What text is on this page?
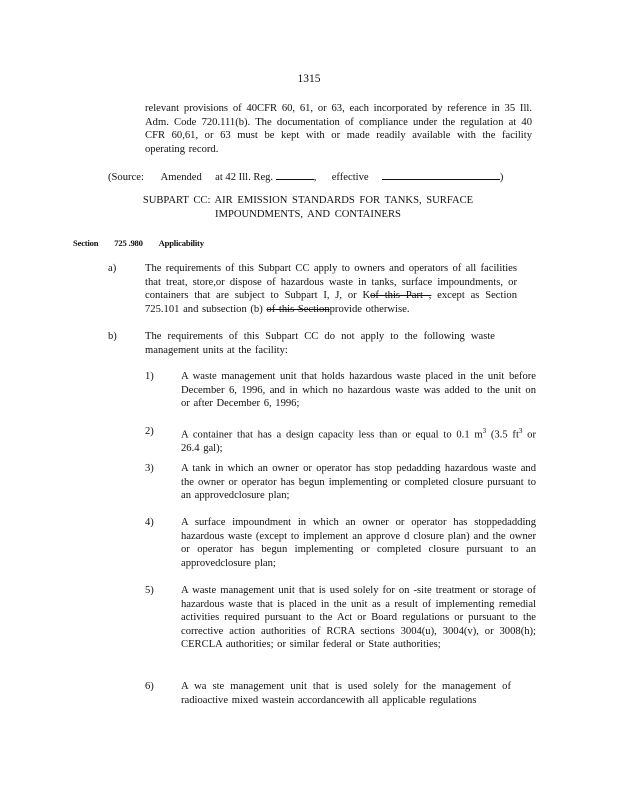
1315
relevant provisions of 40CFR 60, 61, or 63, each incorporated by reference in 35 Ill. Adm. Code 720.111(b). The documentation of compliance under the regulation at 40 CFR 60,61, or 63 must be kept with or made readily available with the facility operating record.
(Source: Amended at 42 Ill. Reg.	, effective	)
SUBPART CC: AIR EMISSION STANDARDS FOR TANKS, SURFACE
IMPOUNDMENTS, AND CONTAINERS
Section 725 .980 Applicability
a)	The requirements of this Subpart CC apply to owners and operators of all facilities that treat, store,or dispose of hazardous waste in tanks, surface impoundments, or containers that are subject to Subpart I, J, or Kof this Part , except as Section 725.101 and subsection (b) of this Sectionprovide otherwise.
b)	The requirements of this Subpart CC do not apply to the following waste management units at the facility:
1)	A waste management unit that holds hazardous waste placed in the unit before December 6, 1996, and in which no hazardous waste was added to the unit on or after December 6, 1996;
2)	A container that has a design capacity less than or equal to 0.1 $m^3$ (3.5 $ft^3$ or 26.4 gal);
3)	A tank in which an owner or operator has stop pedadding hazardous waste and the owner or operator has begun implementing or completed closure pursuant to an approvedclosure plan;
4)	A surface impoundment in which an owner or operator has stoppedadding hazardous waste (except to implement an approve d closure plan) and the owner or operator has begun implementing or completed closure pursuant to an approvedclosure plan;
5)	A waste management unit that is used solely for on -site treatment or storage of hazardous waste that is placed in the unit as a result of implementing remedial activities required pursuant to the Act or Board regulations or pursuant to the corrective action authorities of RCRA sections 3004(u), 3004(v), or 3008(h); CERCLA authorities; or similar federal or State authorities;
6)	A wa ste management unit that is used solely for the management of radioactive mixed wastein accordancewith all applicable regulations
